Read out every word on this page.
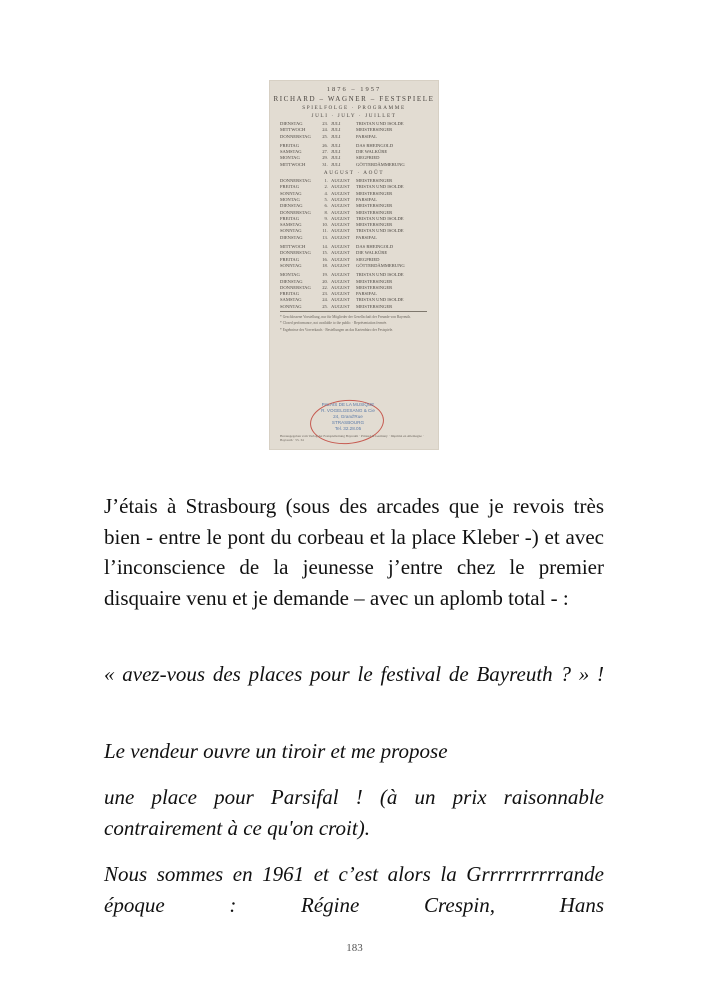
1876 – 1957
RICHARD – WAGNER – FESTSPIELE
SPIELFOLGE · PROGRAMME
JULI · JULY · JUILLET
DIENSTAG	23. JULI	TRISTAN UND ISOLDE
MITTWOCH	24. JULI	MEISTERSINGER
DONNERSTAG	25. JULI	PARSIFAL
FREITAG	26. JULI	DAS RHEINGOLD
SAMSTAG	27. JULI	DIE WALKÜRE
MONTAG	29. JULI	SIEGFRIED
MITTWOCH	31. JULI	GÖTTERDÄMMERUNG
AUGUST · AOÛT
DONNERSTAG	1. AUGUST	MEISTERSINGER
FREITAG	2. AUGUST	TRISTAN UND ISOLDE
SONNTAG	4. AUGUST	MEISTERSINGER
MONTAG	5. AUGUST	PARSIFAL
DIENSTAG	6. AUGUST	MEISTERSINGER
DONNERSTAG	8. AUGUST	MEISTERSINGER
FREITAG	9. AUGUST	TRISTAN UND ISOLDE
SAMSTAG	10. AUGUST	MEISTERSINGER
SONNTAG	11. AUGUST	TRISTAN UND ISOLDE
DIENSTAG	13. AUGUST	PARSIFAL
MITTWOCH	14. AUGUST	DAS RHEINGOLD
DONNERSTAG	15. AUGUST	DIE WALKÜRE
FREITAG	16. AUGUST	SIEGFRIED
SONNTAG	18. AUGUST	GÖTTERDÄMMERUNG
MONTAG	19. AUGUST	TRISTAN UND ISOLDE
DIENSTAG	20. AUGUST	MEISTERSINGER
DONNERSTAG	22. AUGUST	MEISTERSINGER
FREITAG	23. AUGUST	PARSIFAL
SAMSTAG	24. AUGUST	TRISTAN UND ISOLDE
SONNTAG	25. AUGUST	MEISTERSINGER

* Geschlossene Vorstellung, nur für Mitglieder der Gesellschaft der Freunde von Bayreuth.

* Closed performance, not available to the public · Représentation fermée.

* Ergebnisse des Vorverkaufs · Bestellungen an das Kartenbüro der Festspiele.

PALAIS DE LA MUSIQUE
R. VOGELGESANG & Cie
24, Grand'Rue
STRASBOURG
Tel. 32.28.05
Herausgegeben vom Verlag der Festspielleitung Bayreuth · Printed in Germany · Imprimé en Allemagne · Bayreuth · 55. 34

J’étais à Strasbourg (sous des arcades que je revois très bien - entre le pont du corbeau et la place Kleber -) et avec l’inconscience de la jeunesse j’entre chez le premier disquaire venu et je demande – avec un aplomb total - :

« avez-vous des places pour le festival de Bayreuth ? » !

Le vendeur ouvre un tiroir et me propose

une place pour Parsifal ! (à un prix raisonnable contrairement à ce qu'on croit).

Nous sommes en 1961 et c’est alors la Grrrrrrrrrrande époque : Régine Crespin, Hans

183
